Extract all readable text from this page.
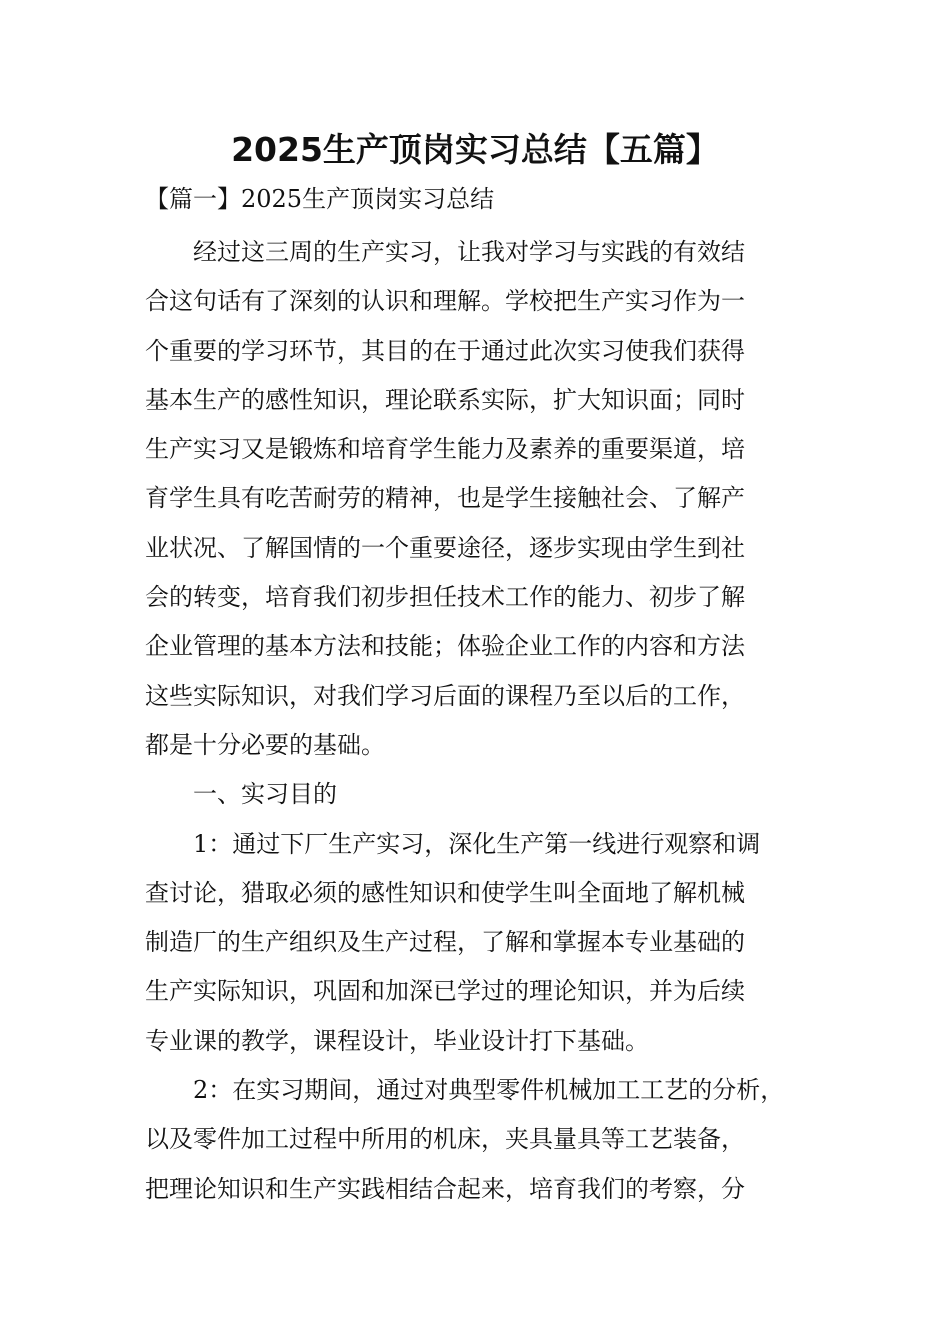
2025生产顶岗实习总结【五篇】

【篇一】2025生产顶岗实习总结

经过这三周的生产实习，让我对学习与实践的有效结
合这句话有了深刻的认识和理解。学校把生产实习作为一
个重要的学习环节，其目的在于通过此次实习使我们获得
基本生产的感性知识，理论联系实际，扩大知识面；同时
生产实习又是锻炼和培育学生能力及素养的重要渠道，培
育学生具有吃苦耐劳的精神，也是学生接触社会、了解产
业状况、了解国情的一个重要途径，逐步实现由学生到社
会的转变，培育我们初步担任技术工作的能力、初步了解
企业管理的基本方法和技能；体验企业工作的内容和方法
这些实际知识，对我们学习后面的课程乃至以后的工作，
都是十分必要的基础。

一、实习目的

1：通过下厂生产实习，深化生产第一线进行观察和调
查讨论，猎取必须的感性知识和使学生叫全面地了解机械
制造厂的生产组织及生产过程，了解和掌握本专业基础的
生产实际知识，巩固和加深已学过的理论知识，并为后续
专业课的教学，课程设计，毕业设计打下基础。

2：在实习期间，通过对典型零件机械加工工艺的分析，
以及零件加工过程中所用的机床，夹具量具等工艺装备，
把理论知识和生产实践相结合起来，培育我们的考察，分
